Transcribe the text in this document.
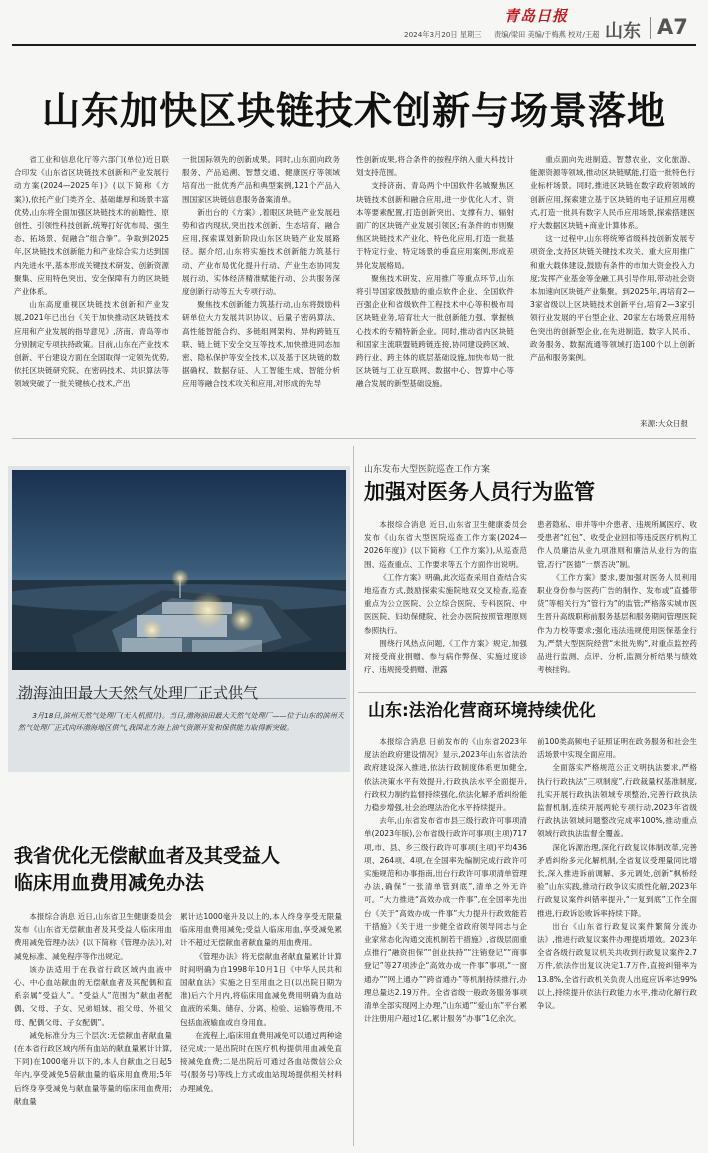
青岛日报
2024年3月20日 星期三 责编/梁田 美编/于梅燕 校对/王超 山东 A7
山东加快区块链技术创新与场景落地
省工业和信息化厅等六部门(单位)近日联合印发《山东省区块链技术创新和产业发展行动方案(2024—2025年)》(以下简称《方案》),依托产业门类齐全、基础雄厚和场景丰富优势,山东将全面加强区块链技术的前瞻性、原创性、引领性科技创新,统筹打好优布局、强生态、拓场景、促融合“组合拳”。争取到2025年,区块链技术创新能力和产业综合实力达到国内先进水平,基本形成关键技术研发、创新资源聚集、应用特色突出、安全保障有力的区块链产业体系。
山东高度重视区块链技术创新和产业发展,2021年已出台《关于加快推动区块链技术应用和产业发展的指导意见》,济南、青岛等市分别制定专项扶持政策。目前,山东在产业技术创新、平台建设方面在全国取得一定领先优势,依托区块链研究院、在密码技术、共识算法等领域突破了一批关键核心技术,产出
一批国际领先的创新成果。同时,山东面向政务服务、产品追溯、智慧交通、健康医疗等领域培育出一批优秀产品和典型案例,121个产品入围国家区块链信息服务备案清单。
新出台的《方案》,着眼区块链产业发展趋势和省内现状,突出技术创新、生态培育、融合应用,探索谋划新阶段山东区块链产业发展路径。据介绍,山东将实施技术创新能力筑基行动、产业布局优化提升行动、产业生态协同发展行动、实体经济精准赋能行动、公共服务深度创新行动等五大专项行动。
聚焦技术创新能力筑基行动,山东将鼓励科研单位大力发展共识协议、后量子密码算法、高性能智能合约、多链组网架构、异构跨链互联、链上链下安全交互等技术,加快推进同态加密、隐私保护等安全技术,以及基于区块链的数据确权、数据存证、人工智能生成、智能分析应用等融合技术攻关和应用,对形成的先导
性创新成果,将合条件的按程序纳入重大科技计划支持范围。
支持济南、青岛两个中国软件名城聚焦区块链技术创新和融合应用,进一步优化人才、资本等要素配置,打造创新突出、支撑有力、辐射面广的区块链产业发展引领区;有条件的市则聚焦区块链技术产业化、特色化应用,打造一批基于特定行业、特定场景的垂直应用案例,形成差异化发展格局。
聚焦技术研发、应用推广等重点环节,山东将引导国家级鼓励的重点软件企业、全国软件百强企业和省级软件工程技术中心等积极布局区块链业务,培育壮大一批创新能力强、掌握核心技术的专精特新企业。同时,推动省内区块链和国家主流联盟链跨链连接,协同建设跨区域、跨行业、跨主体的底层基础设施,加快布局一批区块链与工业互联网、数据中心、智算中心等融合发展的新型基础设施。
重点面向先进制造、智慧农业、文化旅游、能源资源等领域,推动区块链赋能,打造一批特色行业标杆场景。同时,推进区块链在数字政府领域的创新应用,探索建立基于区块链的电子证照应用模式,打造一批具有数字人民币应用场景,探索搭建医疗大数据区块链+商业计算体系。
这一过程中,山东将统筹省级科技创新发展专项资金,支持区块链关键技术攻关、重大应用推广和重大载体建设,鼓励有条件的市加大资金投入力度;发挥产业基金等金融工具引导作用,带动社会资本加速向区块链产业集聚。到2025年,再培育2—3家省级以上区块链技术创新平台,培育2—3家引领行业发展的平台型企业、20家左右场景应用特色突出的创新型企业,在先进制造、数字人民币、政务服务、数据流通等领域打造100个以上创新产品和服务案例。
来源:大众日报
渤海油田最大天然气处理厂正式供气
3月18日,滨州天然气处理厂(无人机照片)。当日,渤海油田最大天然气处理厂——位于山东的滨州天然气处理厂正式向环渤海地区供气,我国北方海上油气资源开发和保供能力取得新突破。
山东发布大型医院巡查工作方案
加强对医务人员行为监管
本报综合消息 近日,山东省卫生健康委员会发布《山东省大型医院巡查工作方案(2024—2026年度)》(以下简称《工作方案》),从巡查范围、巡查重点、工作要求等五个方面作出说明。
《工作方案》明确,此次巡查采用自查结合实地巡查方式,鼓励探索实施院地双交叉检查,巡查重点为公立医院、公立综合医院、专科医院、中医医院、妇幼保健院、社会办医院按照管理原则参照执行。
围绕行风热点问题,《工作方案》规定,加强对接受商业捐赠、参与病作弊保、实施过度诊疗、违规接受捐赠、泄露
患者隐私、串并等中介患者、违规所属医疗、收受患者“红包”、收受企业回扣等违反医疗机构工作人员廉洁从业九项准则和廉洁从业行为的监管,否行“医德”一票否决”制。
《工作方案》要求,要加强对医务人员利用职业身份参与医药广告的制作、发布或“直播带货”等相关行为“管行为”的监管;严格落实城市医生晋升高级职称前服务基层和服务期间管理医院作为力校等要求;强化违法违规使用医保基金行为,严禁大型医院经营“未批先购”,对重点监控药品进行监测、点评、分析,监测分析结果与绩效考核挂钩。
山东:法治化营商环境持续优化
本报综合消息 日前发布的《山东省2023年度法治政府建设情况》显示,2023年山东省法治政府建设深入推进,依法行政制度体系更加健全,依法决策水平有效提升,行政执法水平全面提升,行政权力制约监督持续强化,依法化解矛盾纠纷能力稳步增强,社会治理法治化水平持续提升。
去年,山东省发布省市县三级行政许可事项清单(2023年版),公布省级行政许可事项(主项)717项,市、县、乡三级行政许可事项(主项)平均436项、264项、4项,在全国率先编制完成行政许可实施规范和办事指南,出台行政许可事项清单管理办法,确保“一张清单管到底”,清单之外无许可。“大力推进“高效办成一件事”,在全国率先出台《关于“高效办成一件事”大力提升行政效能若干措施》《关于进一步健全省政府领导同志与企业家常态化沟通交流机制若干措施》,省级层面重点推行“融资担保”“创业扶持”“注销登记”“商事登记”等27项涉企“高效办成一件事”事项,“一窗通办”“网上通办”“跨省通办”等机制持续推行,办理总量达2.19万件。全省省级一般政务服务事项清单全部实现网上办理,“山东通”“爱山东”平台累计注册用户超过1亿,累计服务“办事”1亿余次。
前100类高频电子证照证明在政务服务和社会生活场景中实现全面应用。
全面落实严格规范公正文明执法要求,严格执行行政执法“三项制度”,行政裁量权基准制度,扎实开展行政执法领域专项整治,完善行政执法监督机制,连续开展两轮专项行动,2023年省级行政执法领域问题整改完成率100%,推动重点领域行政执法监督全覆盖。
深化诉源治理,深化行政复议体制改革,完善矛盾纠纷多元化解机制,全省复议受理量同比增长,深入推进诉前调解、多元调处,创新“枫桥经验”山东实践,推动行政争议实质性化解,2023年行政复议案件纠错率提升,“一复到底”工作全面推进,行政诉讼败诉率持续下降。
出台《山东省行政复议案件繁简分流办法》,推进行政复议案件办理提质增效。2023年全省各级行政复议机关共收到行政复议案件2.7万件,依法作出复议决定1.7万件,直接纠错率为13.8%,全省行政机关负责人出庭应诉率达99%以上,持续提升依法行政能力水平,推动化解行政争议。
我省优化无偿献血者及其受益人
临床用血费用减免办法
本报综合消息 近日,山东省卫生健康委员会发布《山东省无偿献血者及其受益人临床用血费用减免管理办法》(以下简称《管理办法》),对减免标准、减免程序等作出规定。
该办法适用于在我省行政区域内血液中心、中心血站献血的无偿献血者及其配偶和直系亲属“受益人”。“受益人”范围为“献血者配偶、父母、子女、兄弟姐妹、祖父母、外祖父母、配偶父母、子女配偶”。
减免标准分为三个层次:无偿献血者献血量(在本省行政区域内所有血站的献血量累计计算,下同)在1000毫升以下的,本人自献血之日起5年内,享受减免5倍献血量的临床用血费用;5年后终身享受减免与献血量等量的临床用血费用;献血量
累计达1000毫升及以上的,本人终身享受无限量临床用血费用减免;受益人临床用血,享受减免累计不超过无偿献血者献血量的用血费用。
《管理办法》将无偿献血者献血量累计计算时间明确为自1998年10月1日《中华人民共和国献血法》实施之日至用血之日(以出院日期为准)后六个月内,将临床用血减免费用明确为血站血液的采集、储存、分离、检验、运输等费用,不包括血液输血或自身用血。
在流程上,临床用血费用减免可以通过两种途径完成:一是出院时在医疗机构提供用血减免直接减免血费;二是出院后可通过各血站微信公众号(服务号)等线上方式或血站现场提供相关材料办理减免。
